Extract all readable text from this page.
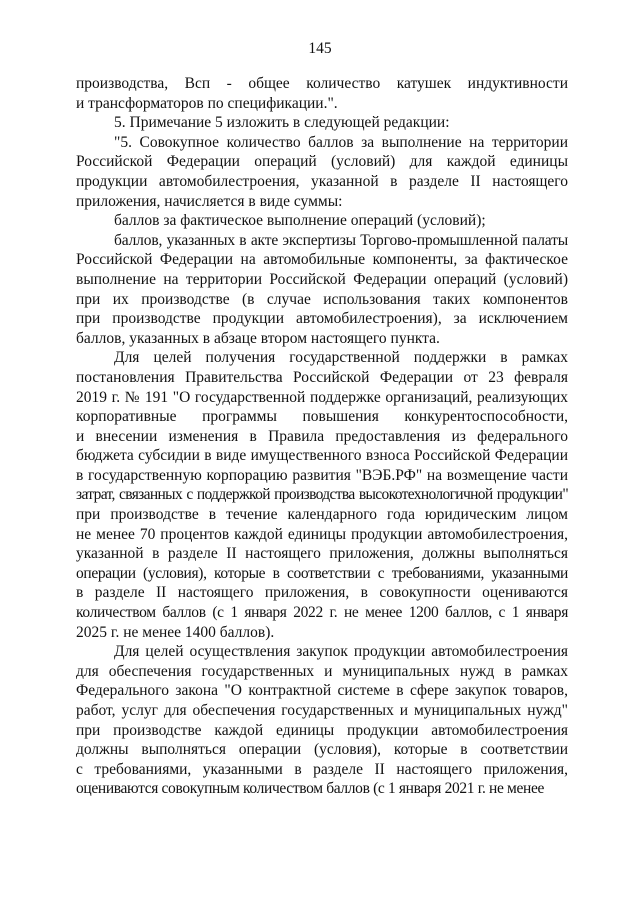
145
производства, Всп - общее количество катушек индуктивности
и трансформаторов по спецификации.".
5. Примечание 5 изложить в следующей редакции:
"5. Совокупное количество баллов за выполнение на территории
Российской Федерации операций (условий) для каждой единицы
продукции автомобилестроения, указанной в разделе II настоящего
приложения, начисляется в виде суммы:
баллов за фактическое выполнение операций (условий);
баллов, указанных в акте экспертизы Торгово-промышленной палаты
Российской Федерации на автомобильные компоненты, за фактическое
выполнение на территории Российской Федерации операций (условий)
при их производстве (в случае использования таких компонентов
при производстве продукции автомобилестроения), за исключением
баллов, указанных в абзаце втором настоящего пункта.
Для целей получения государственной поддержки в рамках
постановления Правительства Российской Федерации от 23 февраля
2019 г. № 191 "О государственной поддержке организаций, реализующих
корпоративные программы повышения конкурентоспособности,
и внесении изменения в Правила предоставления из федерального
бюджета субсидии в виде имущественного взноса Российской Федерации
в государственную корпорацию развития "ВЭБ.РФ" на возмещение части
затрат, связанных с поддержкой производства высокотехнологичной продукции"
при производстве в течение календарного года юридическим лицом
не менее 70 процентов каждой единицы продукции автомобилестроения,
указанной в разделе II настоящего приложения, должны выполняться
операции (условия), которые в соответствии с требованиями, указанными
в разделе II настоящего приложения, в совокупности оцениваются
количеством баллов (с 1 января 2022 г. не менее 1200 баллов, с 1 января
2025 г. не менее 1400 баллов).
Для целей осуществления закупок продукции автомобилестроения
для обеспечения государственных и муниципальных нужд в рамках
Федерального закона "О контрактной системе в сфере закупок товаров,
работ, услуг для обеспечения государственных и муниципальных нужд"
при производстве каждой единицы продукции автомобилестроения
должны выполняться операции (условия), которые в соответствии
с требованиями, указанными в разделе II настоящего приложения,
оцениваются совокупным количеством баллов (с 1 января 2021 г. не менее
